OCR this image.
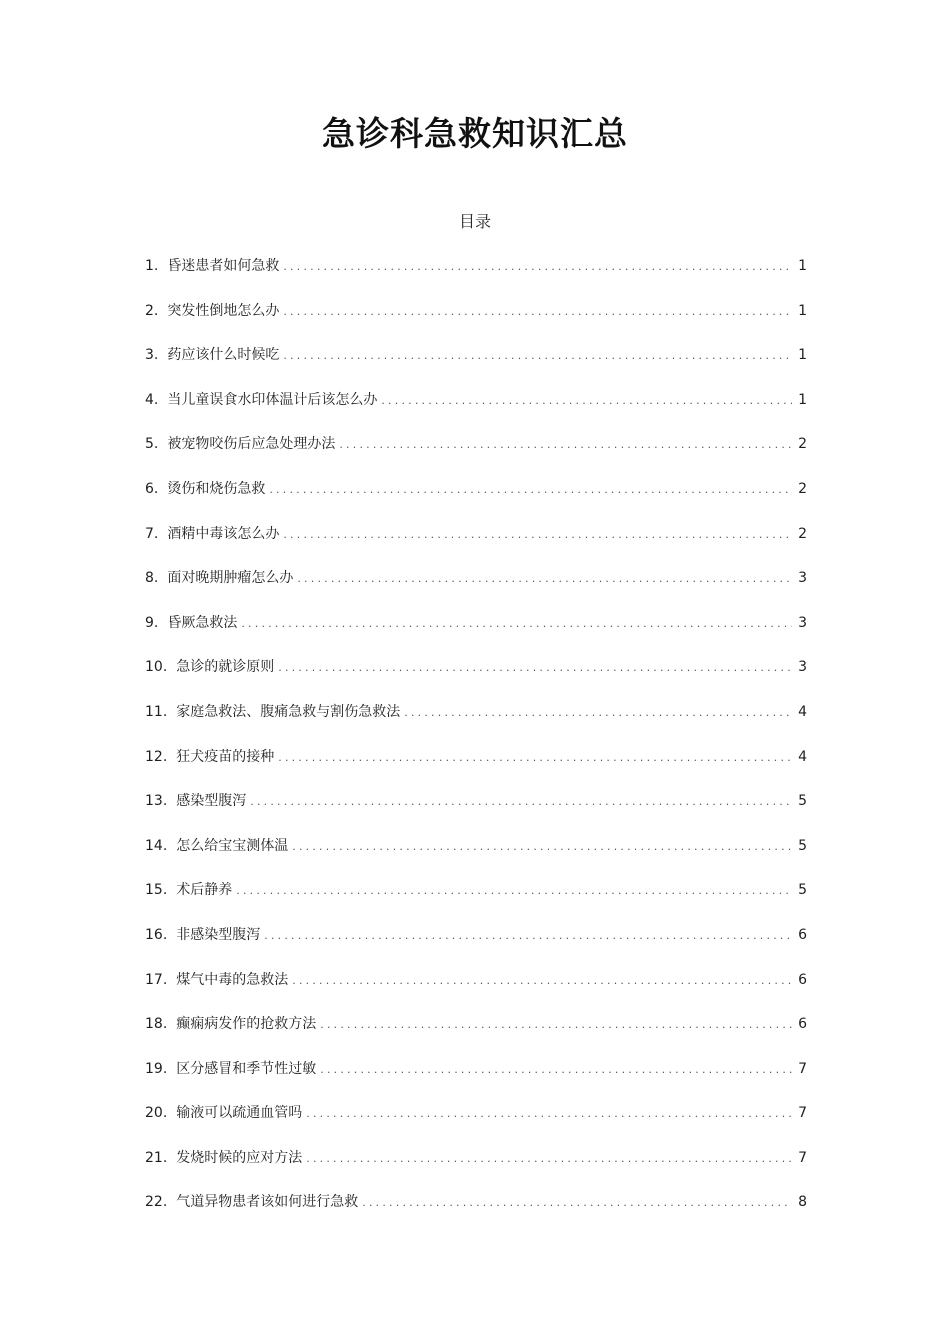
急诊科急救知识汇总
目录
1. 昏迷患者如何急救 .....	1
2. 突发性倒地怎么办 .....	1
3. 药应该什么时候吃 .....	1
4. 当儿童误食水印体温计后该怎么办 .....	1
5. 被宠物咬伤后应急处理办法 .....	2
6. 烫伤和烧伤急救 .....	2
7. 酒精中毒该怎么办 .....	2
8. 面对晚期肿瘤怎么办 .....	3
9. 昏厥急救法 .....	3
10. 急诊的就诊原则 .....	3
11. 家庭急救法、腹痛急救与割伤急救法 .....	4
12. 狂犬疫苗的接种 .....	4
13. 感染型腹泻 .....	5
14. 怎么给宝宝测体温 .....	5
15. 术后静养 .....	5
16. 非感染型腹泻 .....	6
17. 煤气中毒的急救法 .....	6
18. 癫痫病发作的抢救方法 .....	6
19. 区分感冒和季节性过敏 .....	7
20. 输液可以疏通血管吗 .....	7
21. 发烧时候的应对方法 .....	7
22. 气道异物患者该如何进行急救 .....	8
